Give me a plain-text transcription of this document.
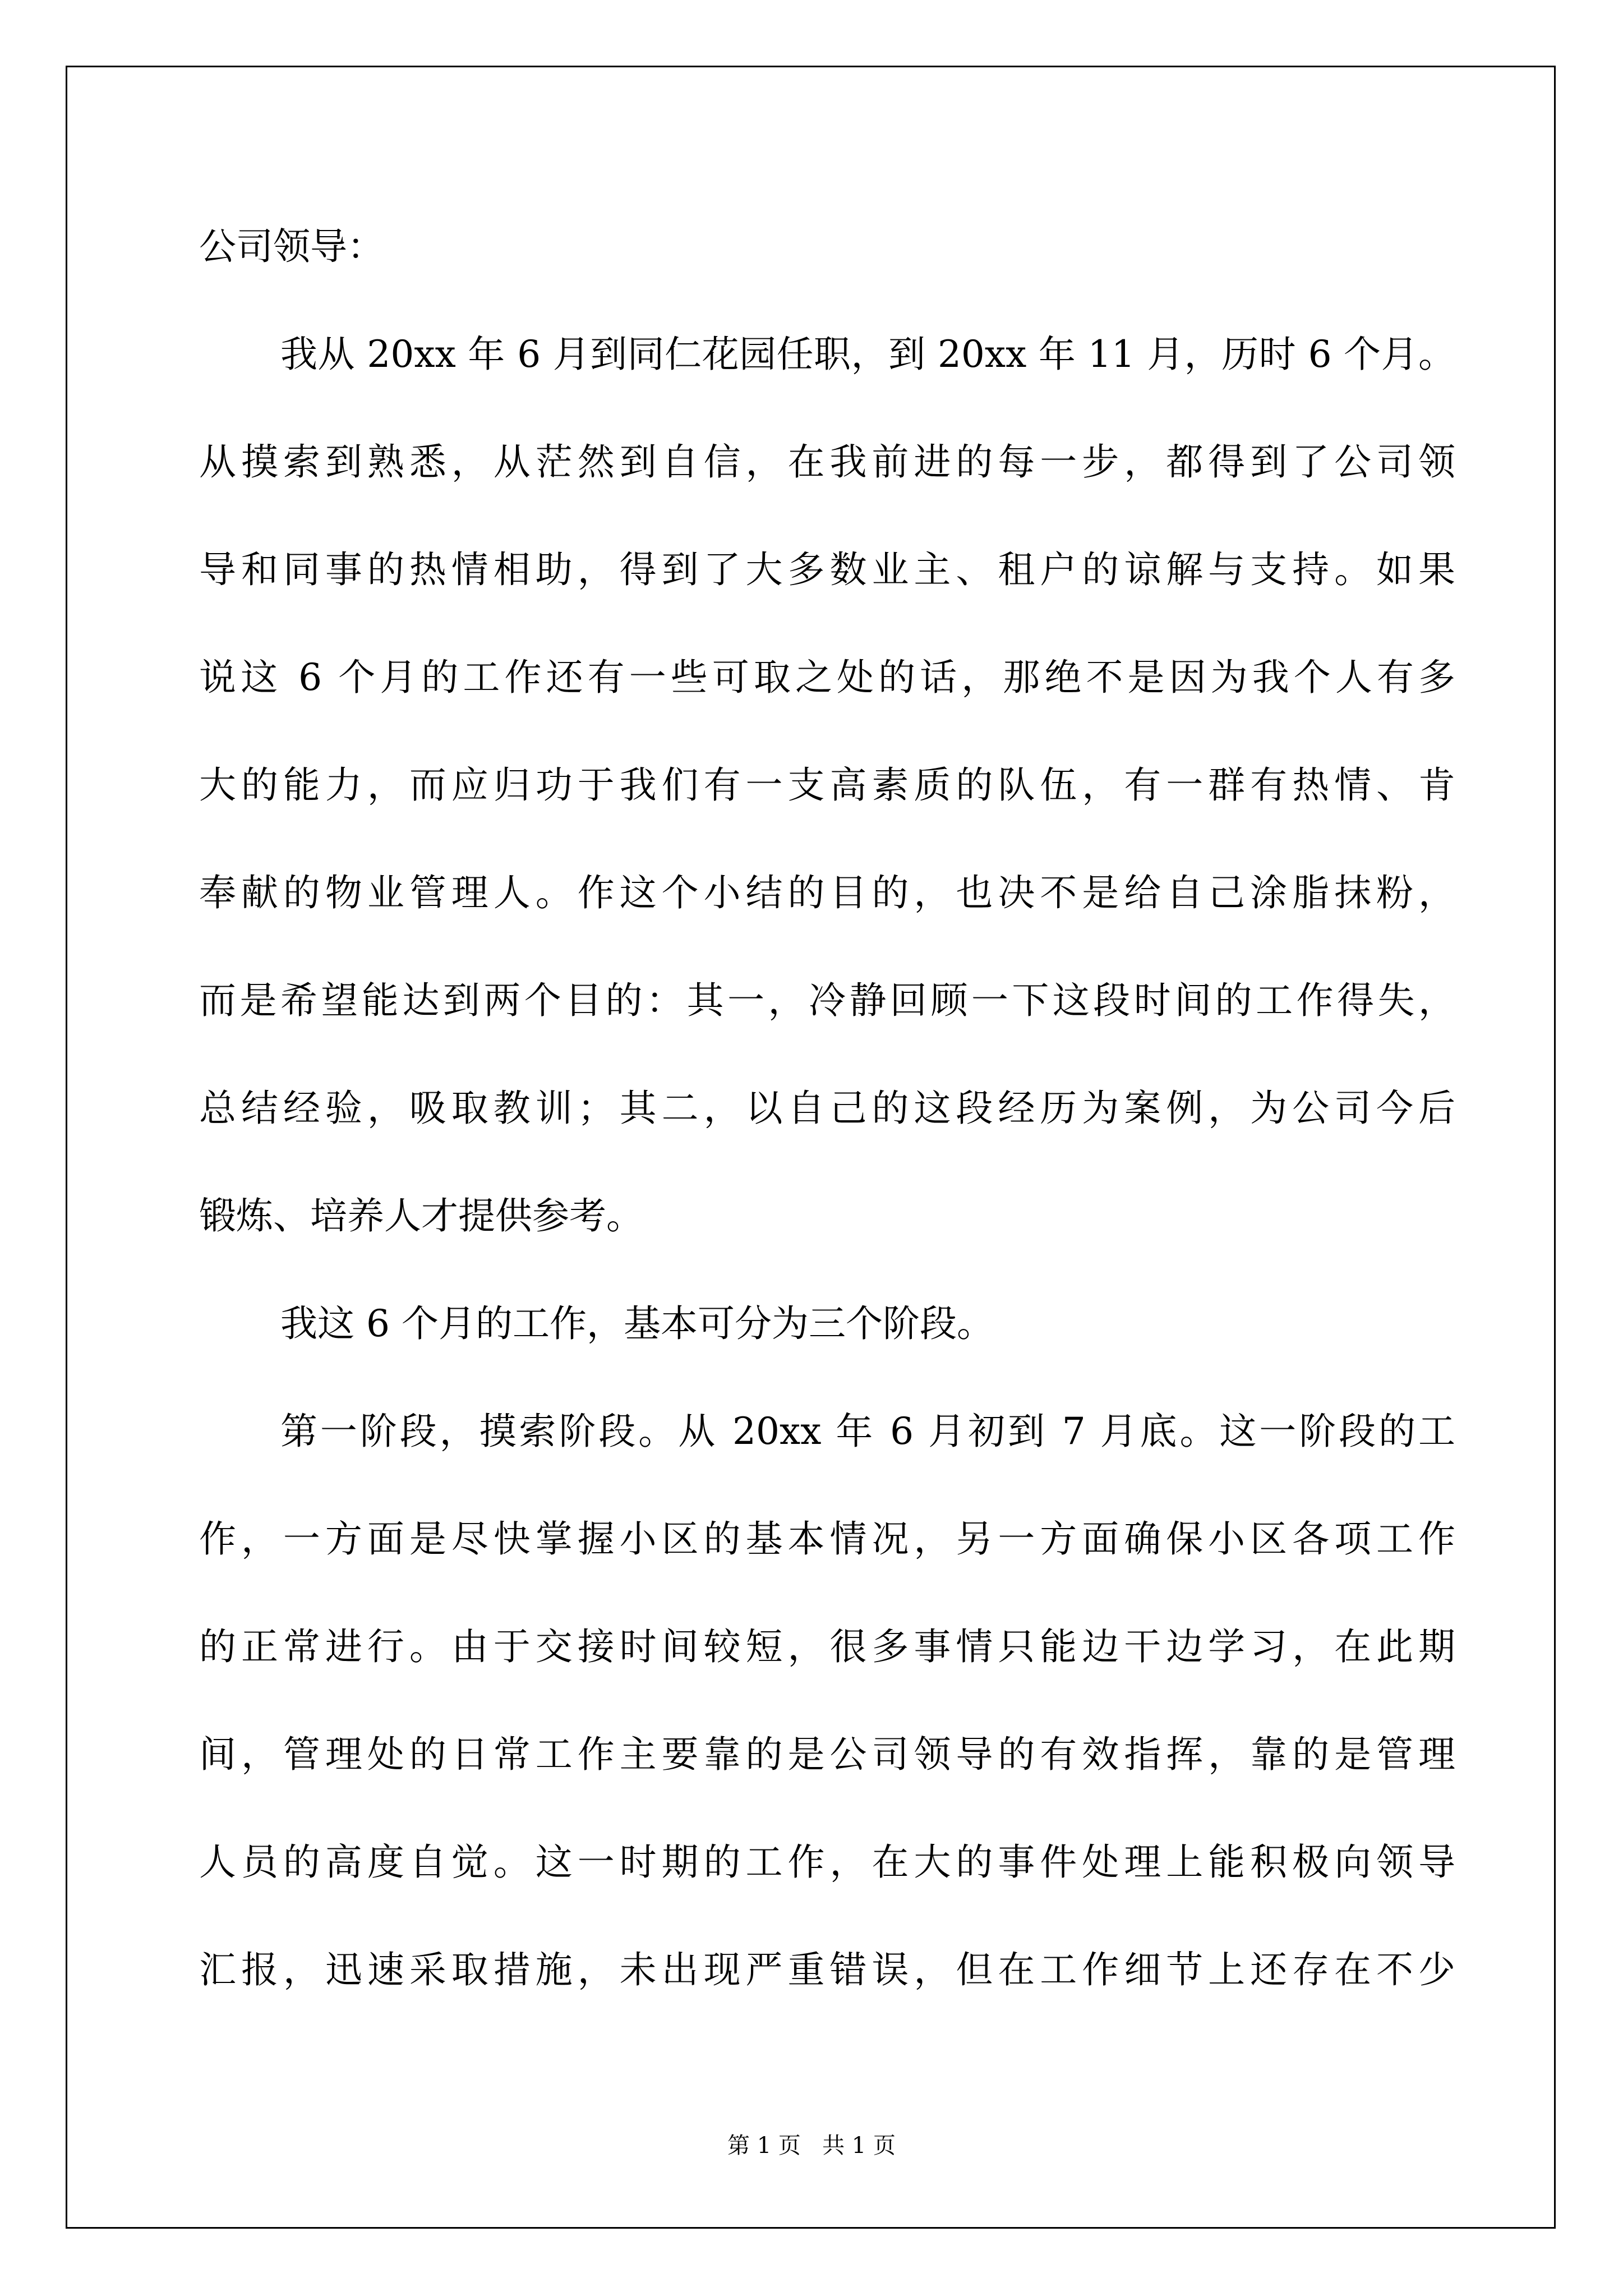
公司领导：
我从 20xx 年 6 月到同仁花园任职，到 20xx 年 11 月，历时 6 个月。
从摸索到熟悉，从茫然到自信，在我前进的每一步，都得到了公司领
导和同事的热情相助，得到了大多数业主、租户的谅解与支持。如果
说这 6 个月的工作还有一些可取之处的话，那绝不是因为我个人有多
大的能力，而应归功于我们有一支高素质的队伍，有一群有热情、肯
奉献的物业管理人。作这个小结的目的，也决不是给自己涂脂抹粉，
而是希望能达到两个目的：其一，冷静回顾一下这段时间的工作得失，
总结经验，吸取教训；其二，以自己的这段经历为案例，为公司今后
锻炼、培养人才提供参考。
我这 6 个月的工作，基本可分为三个阶段。
第一阶段，摸索阶段。从 20xx 年 6 月初到 7 月底。这一阶段的工
作，一方面是尽快掌握小区的基本情况，另一方面确保小区各项工作
的正常进行。由于交接时间较短，很多事情只能边干边学习，在此期
间，管理处的日常工作主要靠的是公司领导的有效指挥，靠的是管理
人员的高度自觉。这一时期的工作，在大的事件处理上能积极向领导
汇报，迅速采取措施，未出现严重错误，但在工作细节上还存在不少
第 1 页   共 1 页
